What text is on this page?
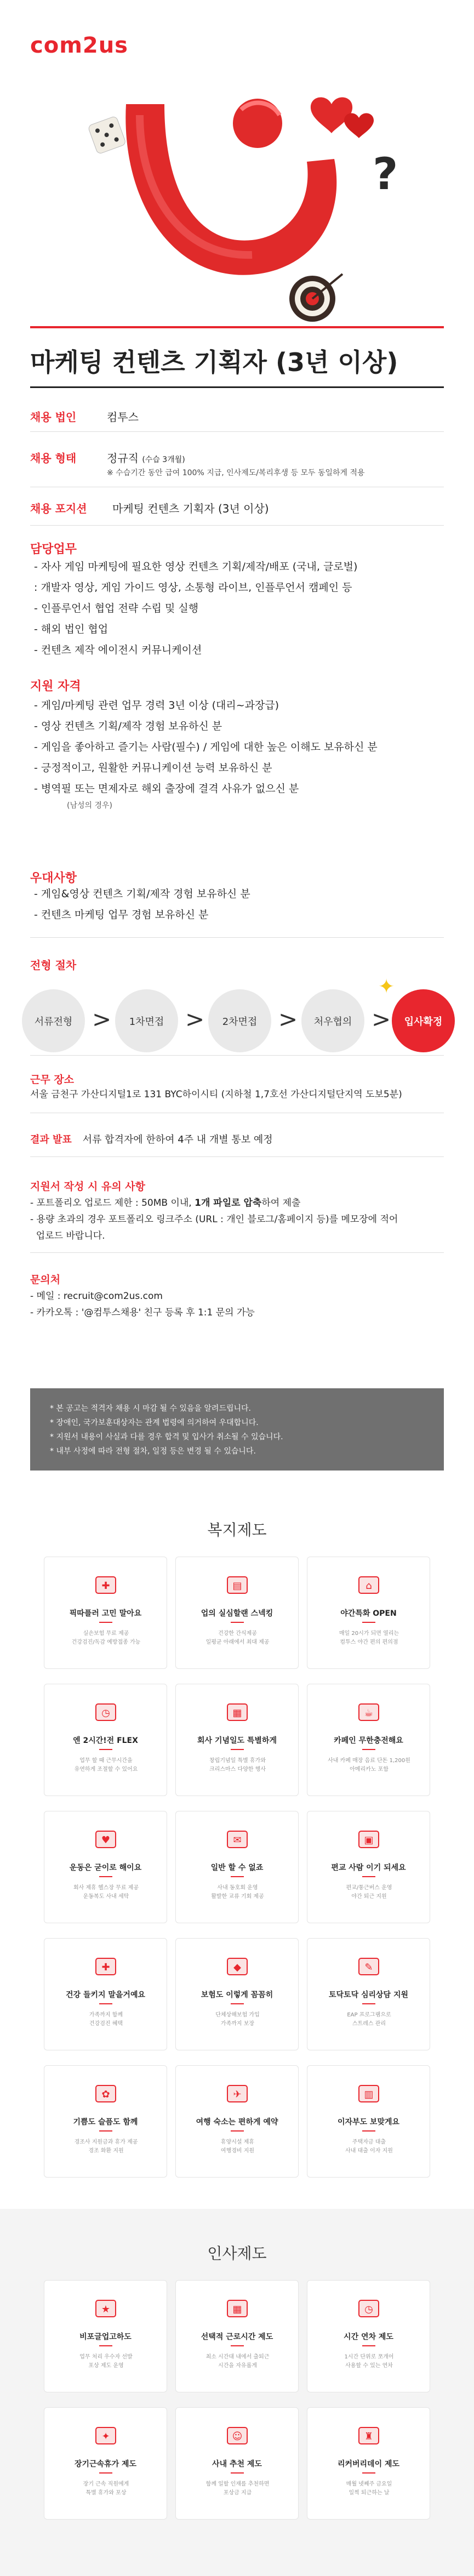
com2us
?
마케팅 컨텐츠 기획자 (3년 이상)
채용 법인	컴투스
채용 형태	정규직 (수습 3개월)
※ 수습기간 동안 급여 100% 지급, 인사제도/복리후생 등 모두 동일하게 적용
채용 포지션 마케팅 컨텐츠 기획자 (3년 이상)
담당업무
- 자사 게임 마케팅에 필요한 영상 컨텐츠 기획/제작/배포 (국내, 글로벌)
: 개발자 영상, 게임 가이드 영상, 소통형 라이브, 인플루언서 캠페인 등
- 인플루언서 협업 전략 수립 및 실행
- 해외 법인 협업
- 컨텐츠 제작 에이전시 커뮤니케이션
지원 자격
- 게임/마케팅 관련 업무 경력 3년 이상 (대리~과장급)
- 영상 컨텐츠 기획/제작 경험 보유하신 분
- 게임을 좋아하고 즐기는 사람(필수) / 게임에 대한 높은 이해도 보유하신 분
- 긍정적이고, 원활한 커뮤니케이션 능력 보유하신 분
- 병역필 또는 면제자로 해외 출장에 결격 사유가 없으신 분
(남성의 경우)
우대사항
- 게임&영상 컨텐츠 기획/제작 경험 보유하신 분
- 컨텐츠 마케팅 업무 경험 보유하신 분
전형 절차
서류전형 >	1차면접 >	2차면접 >	처우협의 >	입사확정
✦
근무 장소
서울 금천구 가산디지털1로 131 BYC하이시티 (지하철 1,7호선 가산디지털단지역 도보5분)
결과 발표 서류 합격자에 한하여 4주 내 개별 통보 예정
지원서 작성 시 유의 사항
- 포트폴리오 업로드 제한 : 50MB 이내, 1개 파일로 압축하여 제출
- 용량 초과의 경우 포트폴리오 링크주소 (URL : 개인 블로그/홈페이지 등)를 메모장에 적어
업로드 바랍니다.
문의처
- 메일 : recruit@com2us.com
- 카카오톡 : '@컴투스채용' 친구 등록 후 1:1 문의 가능
* 본 공고는 적격자 채용 시 마감 될 수 있음을 알려드립니다.
* 장애인, 국가보훈대상자는 관계 법령에 의거하여 우대합니다.
* 지원서 내용이 사실과 다를 경우 합격 및 입사가 취소될 수 있습니다.
* 내부 사정에 따라 전형 절차, 일정 등은 변경 될 수 있습니다.
복지제도
✚
픽따플러 고민 말아요
실손보험 무료 제공
건강검진/독감 예방접종 가능
▤
업의 실심할랜 스넥킹
건강한 간식제공
일평균 아래에서 최대 제공
⌂
야간특화 OPEN
매일 20시가 되면 열리는
컴투스 야간 편의 편의점
◷
엔 2시간!전 FLEX
업무 할 때 근무시간을
유연하게 조절할 수 있어요
▦
회사 기념일도 특별하게
창립기념일 특별 휴가와
크리스마스 다양한 행사
☕
카페인 무한충전해요
사내 카페 매장 음료 단돈 1,200원
아메리카노 포함
♥
운동은 굳이로 해이요
회사 제휴 헬스장 무료 제공
운동복도 사내 세탁
✉
일반 할 수 없죠
사내 동호회 운영
활발한 교류 기회 제공
▣
편교 사람 이기 되세요
편교/통근버스 운영
야간 퇴근 지원
✚
건강 들키지 말을거예요
가족까지 함께
건강검진 혜택
◆
보험도 이렇게 꼼꼼히
단체상해보험 가입
가족까지 보장
✎
토닥토닥 심리상담 지원
EAP 프로그램으로
스트레스 관리
✿
기쁨도 슬픔도 함께
경조사 지원금과 휴가 제공
경조 화환 지원
✈
여행 숙소는 편하게 예약
휴양시설 제휴
여행경비 지원
▥
이자부도 보맞게요
주택자금 대출
사내 대출 이자 지원
인사제도
★
비포글업고하도
업무 처리 우수자 선발
포상 제도 운영
▦
선택적 근로시간 제도
최소 시간대 내에서 출퇴근
시간을 자유롭게
◷
시간 연차 제도
1시간 단위로 쪼개어
사용할 수 있는 연차
✦
장기근속휴가 제도
장기 근속 직원에게
특별 휴가와 포상
☺
사내 추천 제도
함께 일할 인재를 추천하면
포상금 지급
♜
리커버리데이 제도
매월 넷째주 금요일
일찍 퇴근하는 날
